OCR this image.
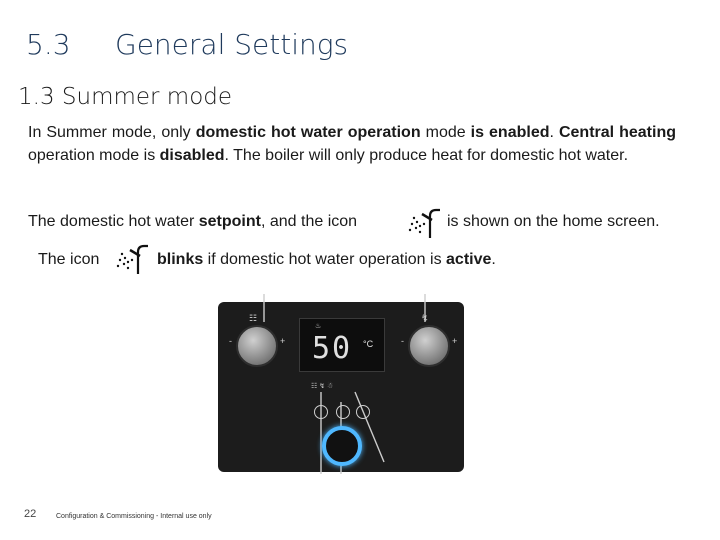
5.3 General Settings
1.3 Summer mode
In Summer mode, only domestic hot water operation mode is enabled. Central heating operation mode is disabled. The boiler will only produce heat for domestic hot water.
The domestic hot water setpoint, and the icon	is shown on the home screen.
The icon	blinks if domestic hot water operation is active.
-	+
☷
-	+
↯
50 °C
♨
☷ ↯ ☃
22	Configuration & Commissioning - Internal use only
